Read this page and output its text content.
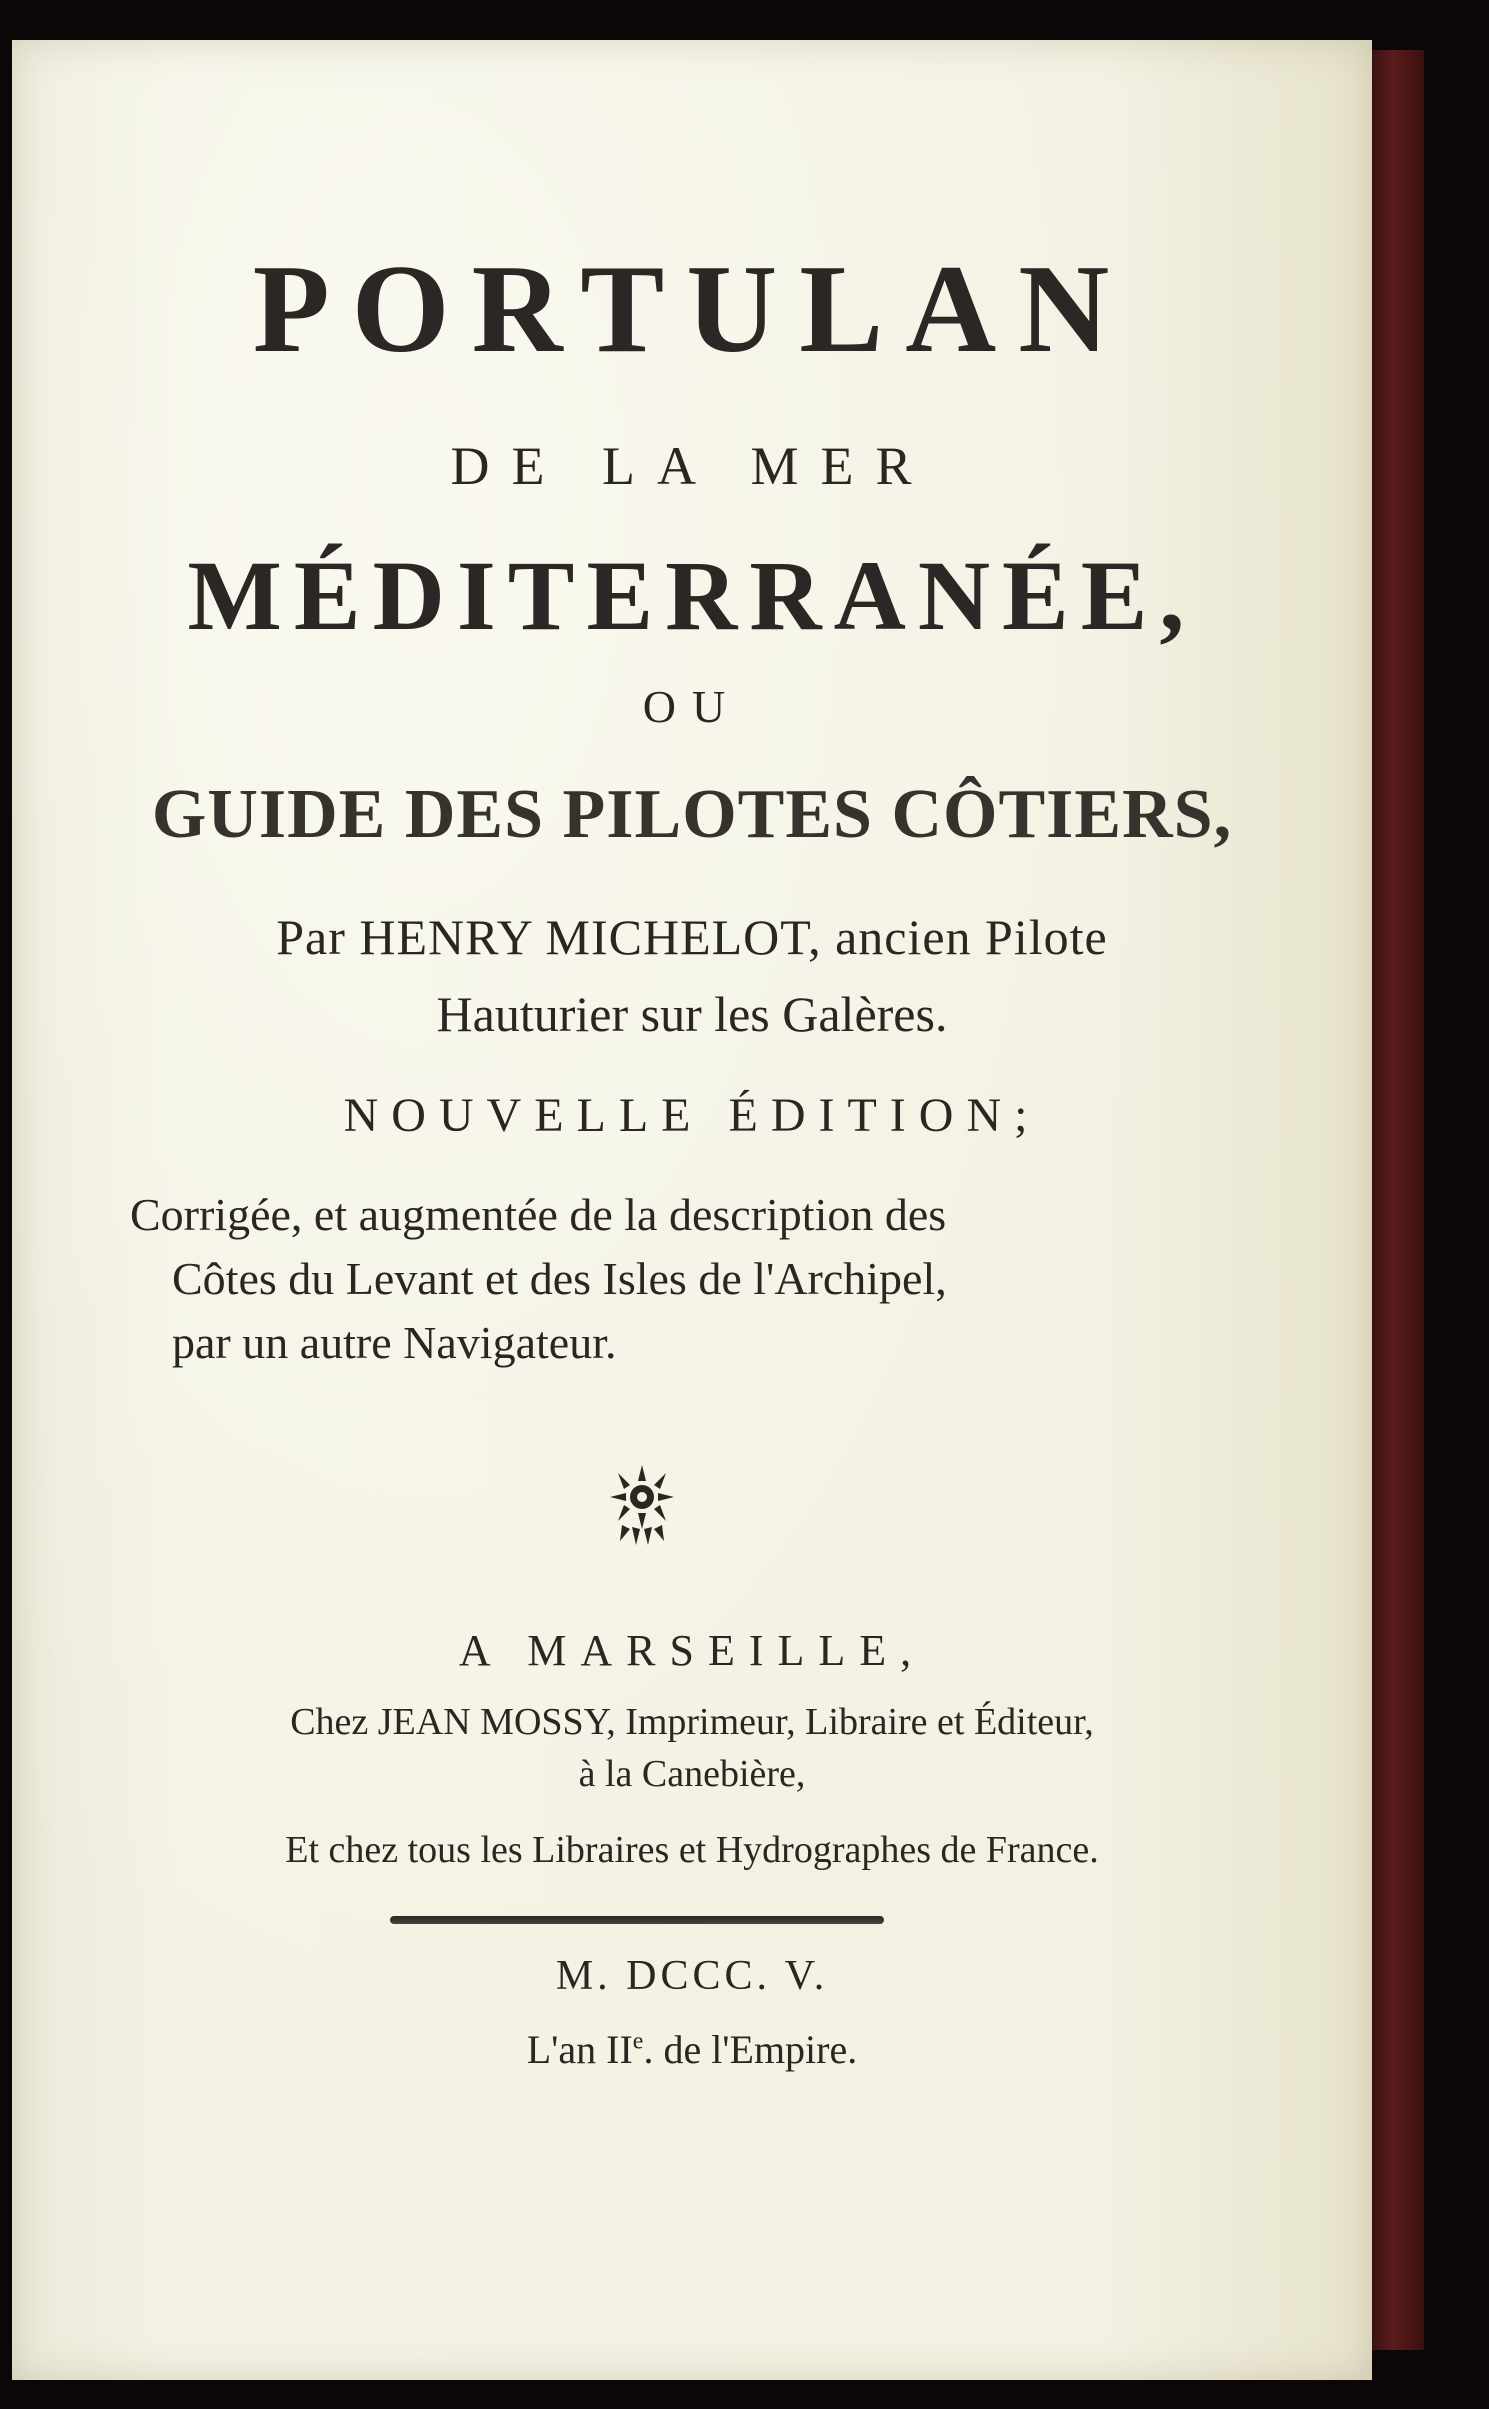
PORTULAN
DE LA MER
MÉDITERRANÉE,
OU
GUIDE DES PILOTES CÔTIERS,
Par HENRY MICHELOT, ancien Pilote
Hauturier sur les Galères.
NOUVELLE ÉDITION;
Corrigée, et augmentée de la description des
Côtes du Levant et des Isles de l'Archipel,
par un autre Navigateur.
A MARSEILLE,
Chez JEAN MOSSY, Imprimeur, Libraire et Éditeur,
à la Canebière,
Et chez tous les Libraires et Hydrographes de France.
M. DCCC. V.
L'an IIe. de l'Empire.
